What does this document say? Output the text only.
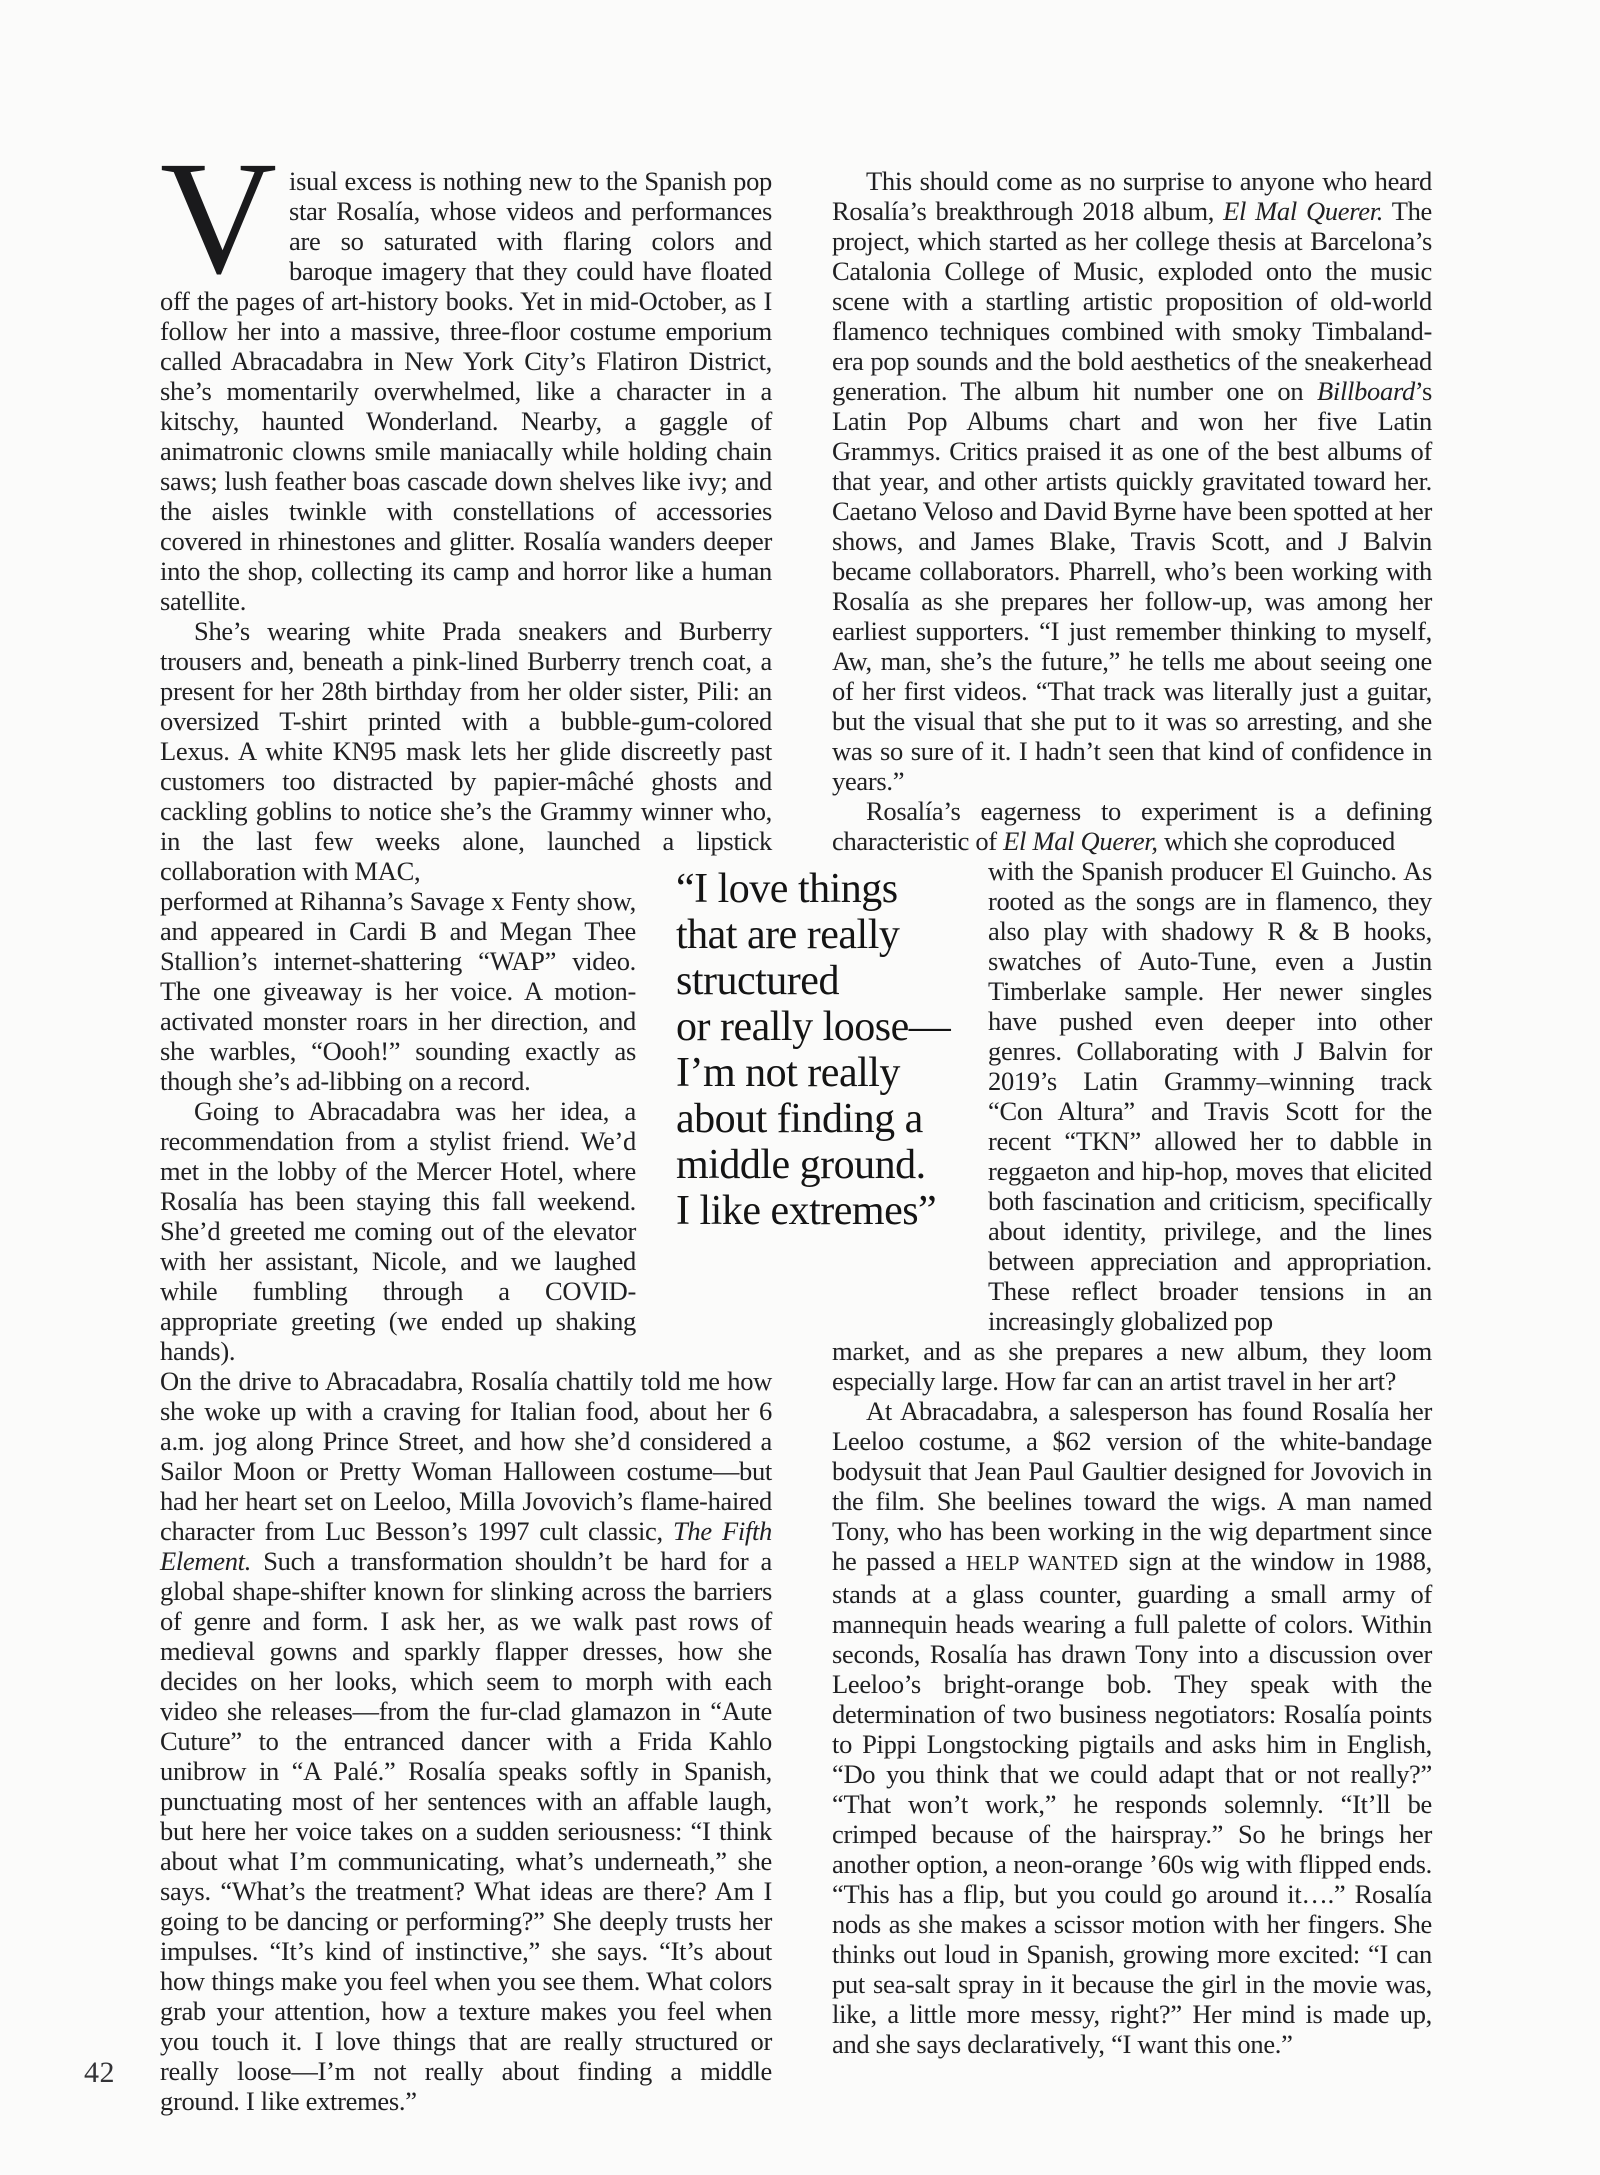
Visual excess is nothing new to the Spanish pop star Rosalía, whose videos and performances are so saturated with flaring colors and baroque imagery that they could have floated off the pages of art-history books. Yet in mid-October, as I follow her into a massive, three-floor costume emporium called Abracadabra in New York City’s Flatiron District, she’s momentarily overwhelmed, like a character in a kitschy, haunted Wonderland. Nearby, a gaggle of animatronic clowns smile maniacally while holding chain saws; lush feather boas cascade down shelves like ivy; and the aisles twinkle with constellations of accessories covered in rhinestones and glitter. Rosalía wanders deeper into the shop, collecting its camp and horror like a human satellite.

She’s wearing white Prada sneakers and Burberry trousers and, beneath a pink-lined Burberry trench coat, a present for her 28th birthday from her older sister, Pili: an oversized T-shirt printed with a bubble-gum-colored Lexus. A white KN95 mask lets her glide discreetly past customers too distracted by papier-mâché ghosts and cackling goblins to notice she’s the Grammy winner who, in the last few weeks alone, launched a lipstick collaboration with MAC,

performed at Rihanna’s Savage x Fenty show, and appeared in Cardi B and Megan Thee Stallion’s internet-shattering “WAP” video. The one giveaway is her voice. A motion-activated monster roars in her direction, and she warbles, “Oooh!” sounding exactly as though she’s ad-libbing on a record.

Going to Abracadabra was her idea, a recommendation from a stylist friend. We’d met in the lobby of the Mercer Hotel, where Rosalía has been staying this fall weekend. She’d greeted me coming out of the elevator with her assistant, Nicole, and we laughed while fumbling through a COVID-appropriate greeting (we ended up shaking hands).

On the drive to Abracadabra, Rosalía chattily told me how she woke up with a craving for Italian food, about her 6 a.m. jog along Prince Street, and how she’d considered a Sailor Moon or Pretty Woman Halloween costume—but had her heart set on Leeloo, Milla Jovovich’s flame-haired character from Luc Besson’s 1997 cult classic, The Fifth Element. Such a transformation shouldn’t be hard for a global shape-shifter known for slinking across the barriers of genre and form. I ask her, as we walk past rows of medieval gowns and sparkly flapper dresses, how she decides on her looks, which seem to morph with each video she releases—from the fur-clad glamazon in “Aute Cuture” to the entranced dancer with a Frida Kahlo unibrow in “A Palé.” Rosalía speaks softly in Spanish, punctuating most of her sentences with an affable laugh, but here her voice takes on a sudden seriousness: “I think about what I’m communicating, what’s underneath,” she says. “What’s the treatment? What ideas are there? Am I going to be dancing or performing?” She deeply trusts her impulses. “It’s kind of instinctive,” she says. “It’s about how things make you feel when you see them. What colors grab your attention, how a texture makes you feel when you touch it. I love things that are really structured or really loose—I’m not really about finding a middle ground. I like extremes.”

This should come as no surprise to anyone who heard Rosalía’s breakthrough 2018 album, El Mal Querer. The project, which started as her college thesis at Barcelona’s Catalonia College of Music, exploded onto the music scene with a startling artistic proposition of old-world flamenco techniques combined with smoky Timbaland-era pop sounds and the bold aesthetics of the sneakerhead generation. The album hit number one on Billboard’s Latin Pop Albums chart and won her five Latin Grammys. Critics praised it as one of the best albums of that year, and other artists quickly gravitated toward her. Caetano Veloso and David Byrne have been spotted at her shows, and James Blake, Travis Scott, and J Balvin became collaborators. Pharrell, who’s been working with Rosalía as she prepares her follow-up, was among her earliest supporters. “I just remember thinking to myself, Aw, man, she’s the future,” he tells me about seeing one of her first videos. “That track was literally just a guitar, but the visual that she put to it was so arresting, and she was so sure of it. I hadn’t seen that kind of confidence in years.”

Rosalía’s eagerness to experiment is a defining characteristic of El Mal Querer, which she coproduced

with the Spanish producer El Guincho. As rooted as the songs are in flamenco, they also play with shadowy R & B hooks, swatches of Auto-Tune, even a Justin Timberlake sample. Her newer singles have pushed even deeper into other genres. Collaborating with J Balvin for 2019’s Latin Grammy–winning track “Con Altura” and Travis Scott for the recent “TKN” allowed her to dabble in reggaeton and hip-hop, moves that elicited both fascination and criticism, specifically about identity, privilege, and the lines between appreciation and appropriation. These reflect broader tensions in an increasingly globalized pop

market, and as she prepares a new album, they loom especially large. How far can an artist travel in her art?

At Abracadabra, a salesperson has found Rosalía her Leeloo costume, a $62 version of the white-bandage bodysuit that Jean Paul Gaultier designed for Jovovich in the film. She beelines toward the wigs. A man named Tony, who has been working in the wig department since he passed a HELP WANTED sign at the window in 1988, stands at a glass counter, guarding a small army of mannequin heads wearing a full palette of colors. Within seconds, Rosalía has drawn Tony into a discussion over Leeloo’s bright-orange bob. They speak with the determination of two business negotiators: Rosalía points to Pippi Longstocking pigtails and asks him in English, “Do you think that we could adapt that or not really?” “That won’t work,” he responds solemnly. “It’ll be crimped because of the hairspray.” So he brings her another option, a neon-orange ’60s wig with flipped ends. “This has a flip, but you could go around it….” Rosalía nods as she makes a scissor motion with her fingers. She thinks out loud in Spanish, growing more excited: “I can put sea-salt spray in it because the girl in the movie was, like, a little more messy, right?” Her mind is made up, and she says declaratively, “I want this one.”

“I love things
that are really
structured
or really loose—
I’m not really
about finding a
middle ground.
I like extremes”
42
